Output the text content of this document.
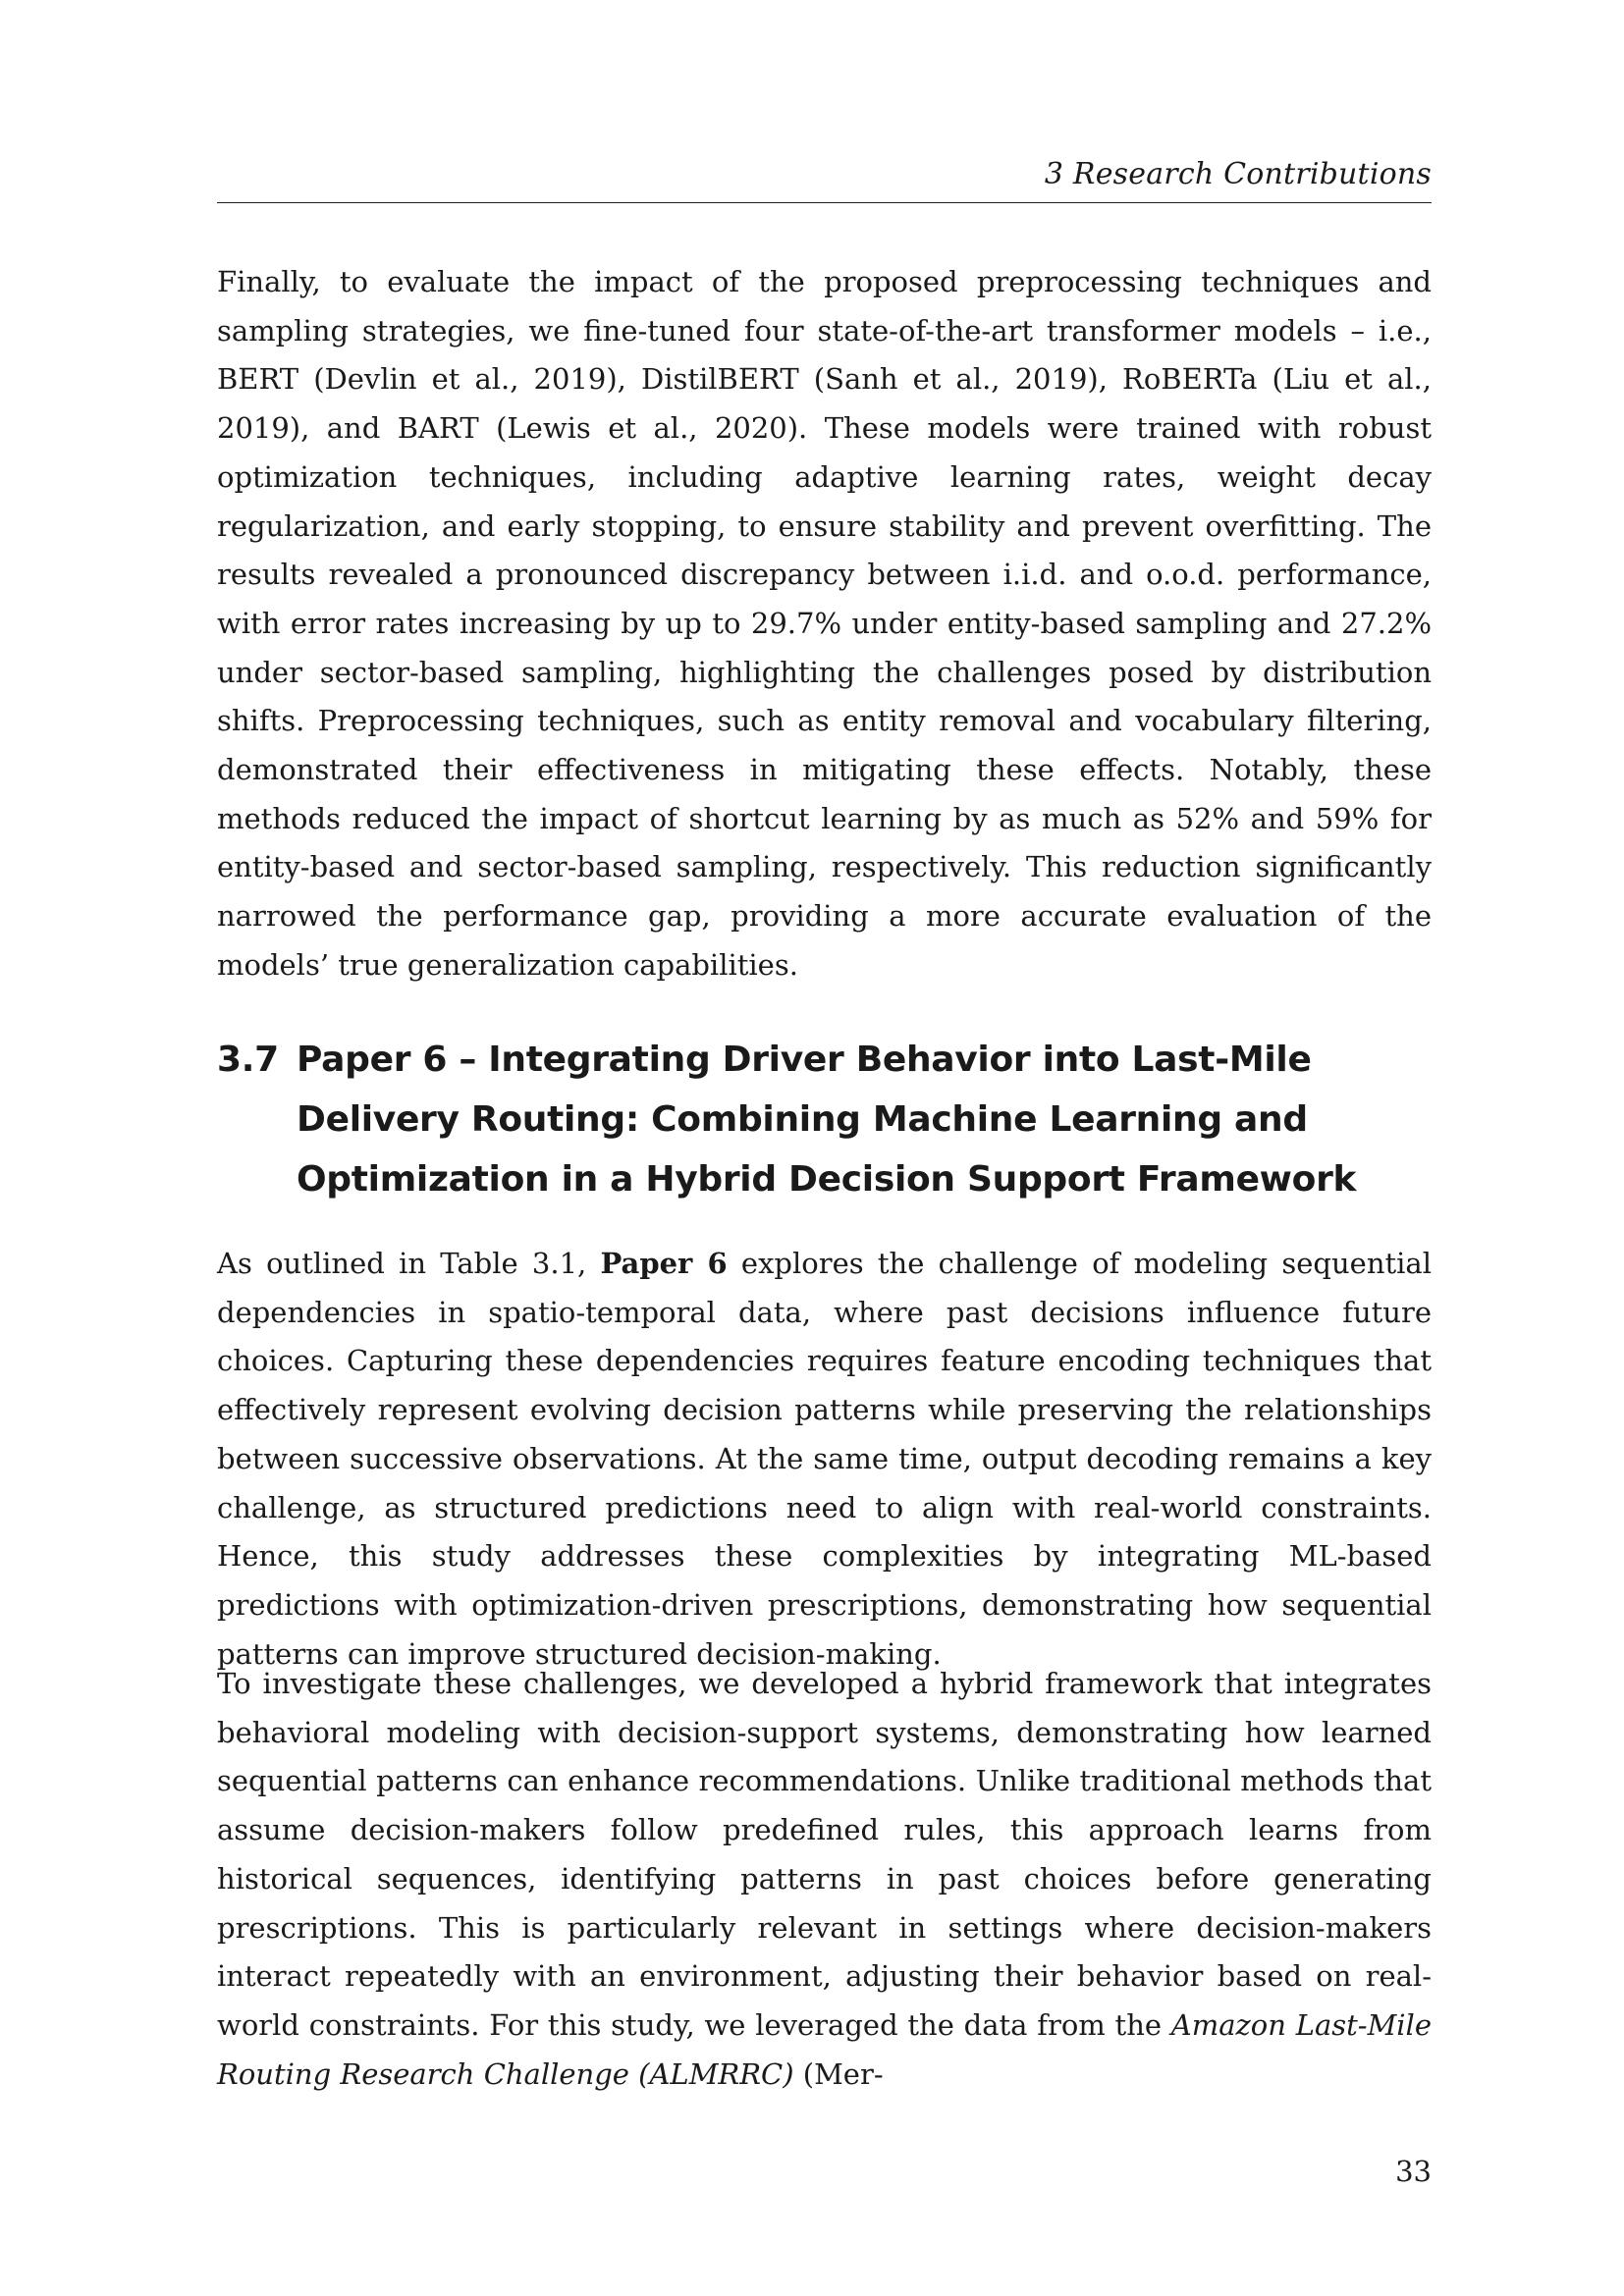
3 Research Contributions

Finally, to evaluate the impact of the proposed preprocessing techniques and sampling strategies, we fine-tuned four state-of-the-art transformer models – i.e., BERT (Devlin et al., 2019), DistilBERT (Sanh et al., 2019), RoBERTa (Liu et al., 2019), and BART (Lewis et al., 2020). These models were trained with robust optimization techniques, including adaptive learning rates, weight decay regularization, and early stopping, to ensure stability and prevent overfitting. The results revealed a pronounced discrepancy between i.i.d. and o.o.d. performance, with error rates increasing by up to 29.7% under entity-based sampling and 27.2% under sector-based sampling, highlighting the challenges posed by distribution shifts. Preprocessing techniques, such as entity removal and vocabulary filtering, demonstrated their effectiveness in mitigating these effects. Notably, these methods reduced the impact of shortcut learning by as much as 52% and 59% for entity-based and sector-based sampling, respectively. This reduction significantly narrowed the performance gap, providing a more accurate evaluation of the models’ true generalization capabilities.

3.7 Paper 6 – Integrating Driver Behavior into Last-Mile Delivery Routing: Combining Machine Learning and Optimization in a Hybrid Decision Support Framework

As outlined in Table 3.1, Paper 6 explores the challenge of modeling sequential dependencies in spatio-temporal data, where past decisions influence future choices. Capturing these dependencies requires feature encoding techniques that effectively represent evolving decision patterns while preserving the relationships between successive observations. At the same time, output decoding remains a key challenge, as structured predictions need to align with real-world constraints. Hence, this study addresses these complexities by integrating ML-based predictions with optimization-driven prescriptions, demonstrating how sequential patterns can improve structured decision-making.

To investigate these challenges, we developed a hybrid framework that integrates behavioral modeling with decision-support systems, demonstrating how learned sequential patterns can enhance recommendations. Unlike traditional methods that assume decision-makers follow predefined rules, this approach learns from historical sequences, identifying patterns in past choices before generating prescriptions. This is particularly relevant in settings where decision-makers interact repeatedly with an environment, adjusting their behavior based on real-world constraints. For this study, we leveraged the data from the Amazon Last-Mile Routing Research Challenge (ALMRRC) (Mer-

33
